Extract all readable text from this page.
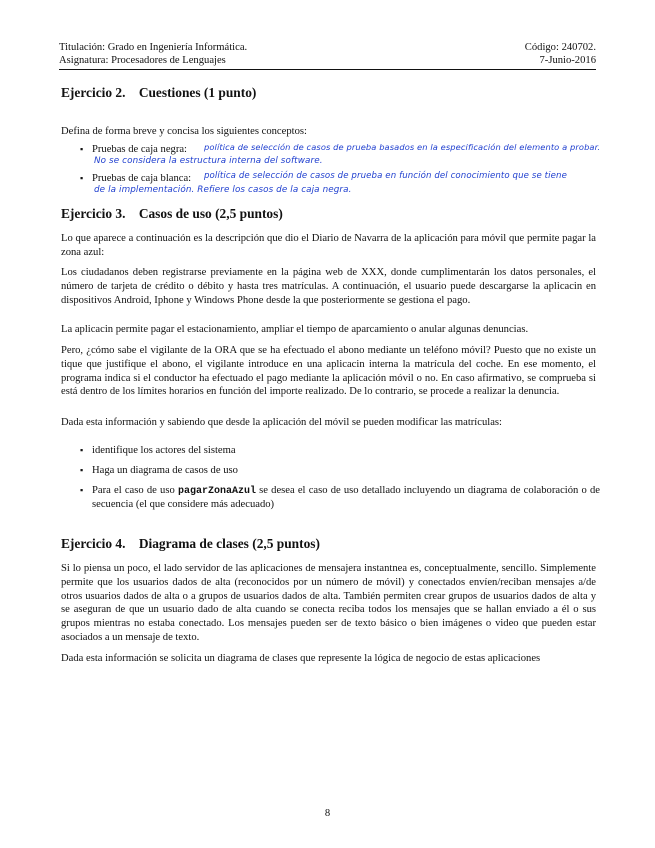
Titulación: Grado en Ingeniería Informática.	Código: 240702.
Asignatura: Procesadores de Lenguajes	7-Junio-2016
Ejercicio 2. Cuestiones (1 punto)
Defina de forma breve y concisa los siguientes conceptos:
▪ Pruebas de caja negra: política de selección de casos de prueba basados en la especificación del elemento a probar.
No se considera la estructura interna del software.
▪ Pruebas de caja blanca: política de selección de casos de prueba en función del conocimiento que se tiene
de la implementación. Refiere los casos de la caja negra.
Ejercicio 3. Casos de uso (2,5 puntos)

Lo que aparece a continuación es la descripción que dio el Diario de Navarra de la aplicación para móvil que permite pagar la zona azul:

Los ciudadanos deben registrarse previamente en la página web de XXX, donde cumplimentarán los datos personales, el número de tarjeta de crédito o débito y hasta tres matrículas. A continuación, el usuario puede descargarse la aplicacin en dispositivos Android, Iphone y Windows Phone desde la que posteriormente se gestiona el pago.

La aplicacin permite pagar el estacionamiento, ampliar el tiempo de aparcamiento o anular algunas denuncias.

Pero, ¿cómo sabe el vigilante de la ORA que se ha efectuado el abono mediante un teléfono móvil? Puesto que no existe un tique que justifique el abono, el vigilante introduce en una aplicacin interna la matrícula del coche. En ese momento, el programa indica si el conductor ha efectuado el pago mediante la aplicación móvil o no. En caso afirmativo, se comprueba si está dentro de los límites horarios en función del importe realizado. De lo contrario, se procede a realizar la denuncia.

Dada esta información y sabiendo que desde la aplicación del móvil se pueden modificar las matrículas:

▪ identifique los actores del sistema
▪ Haga un diagrama de casos de uso
▪ Para el caso de uso pagarZonaAzul se desea el caso de uso detallado incluyendo un diagrama de colaboración o de secuencia (el que considere más adecuado)
Ejercicio 4. Diagrama de clases (2,5 puntos)

Si lo piensa un poco, el lado servidor de las aplicaciones de mensajera instantnea es, conceptualmente, sencillo. Simplemente permite que los usuarios dados de alta (reconocidos por un número de móvil) y conectados envíen/reciban mensajes a/de otros usuarios dados de alta o a grupos de usuarios dados de alta. También permiten crear grupos de usuarios dados de alta y se aseguran de que un usuario dado de alta cuando se conecta reciba todos los mensajes que se hallan enviado a él o sus grupos mientras no estaba conectado. Los mensajes pueden ser de texto básico o bien imágenes o video que pueden estar asociados a un mensaje de texto.

Dada esta información se solicita un diagrama de clases que represente la lógica de negocio de estas aplicaciones

8
